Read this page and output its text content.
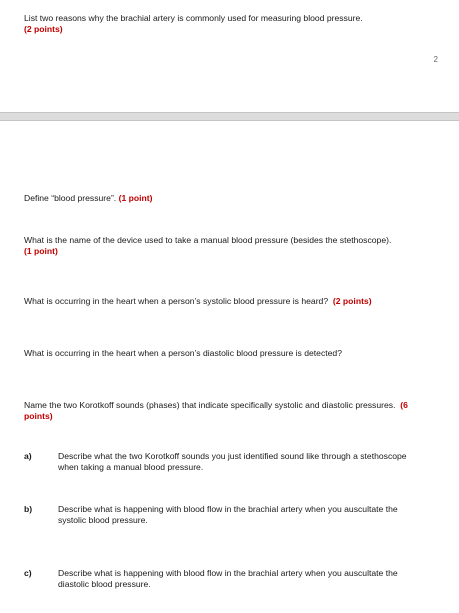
List two reasons why the brachial artery is commonly used for measuring blood pressure.
(2 points)

2

Define “blood pressure”. (1 point)

What is the name of the device used to take a manual blood pressure (besides the stethoscope).
(1 point)

What is occurring in the heart when a person’s systolic blood pressure is heard? (2 points)

What is occurring in the heart when a person’s diastolic blood pressure is detected?

Name the two Korotkoff sounds (phases) that indicate specifically systolic and diastolic pressures. (6 points)

a)	Describe what the two Korotkoff sounds you just identified sound like through a stethoscope when taking a manual blood pressure.
b)	Describe what is happening with blood flow in the brachial artery when you auscultate the systolic blood pressure.
c)	Describe what is happening with blood flow in the brachial artery when you auscultate the diastolic blood pressure.
